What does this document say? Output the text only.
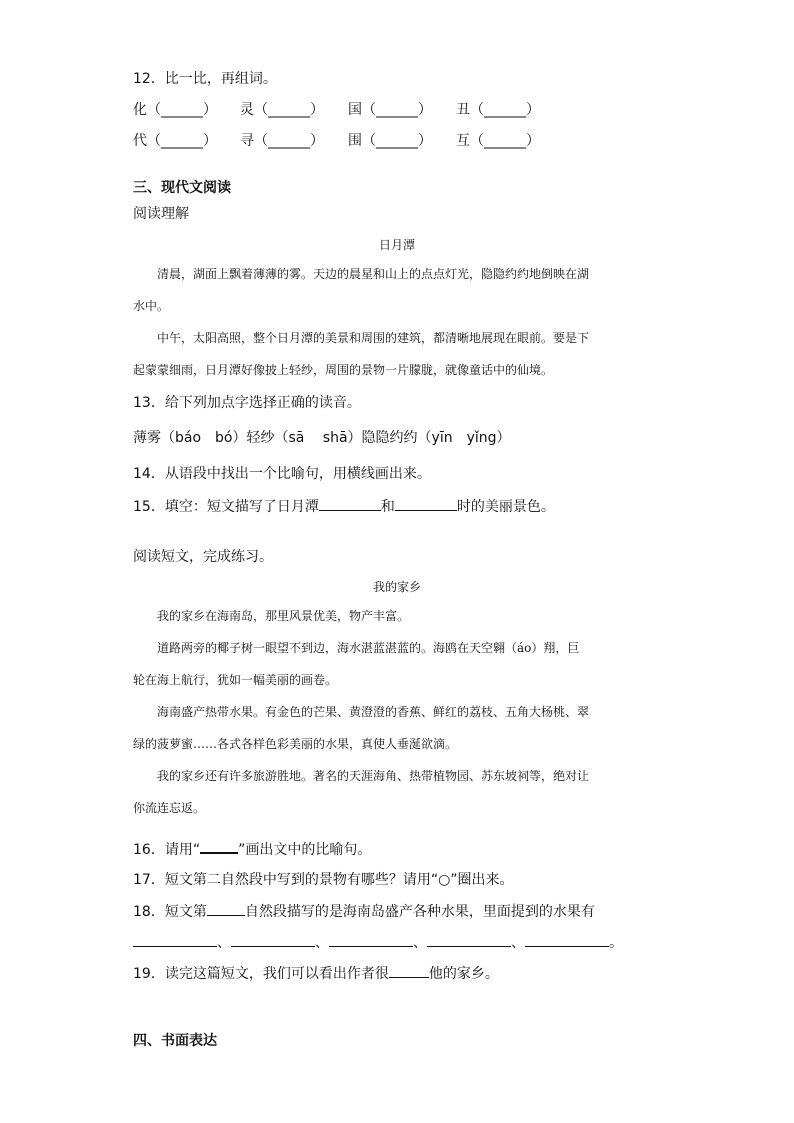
12．比一比，再组词。
化（______） 灵（______） 国（______） 丑（______）
代（______） 寻（______） 围（______） 互（______）
三、现代文阅读
阅读理解
日月潭
清晨，湖面上飘着薄薄的雾。天边的晨星和山上的点点灯光，隐隐约约地倒映在湖
水中。
中午，太阳高照，整个日月潭的美景和周围的建筑，都清晰地展现在眼前。要是下
起蒙蒙细雨，日月潭好像披上轻纱，周围的景物一片朦胧，就像童话中的仙境。
13．给下列加点字选择正确的读音。
薄雾（báo　bó）轻纱（sā　 shā）隐隐约约（yīn　yǐng）
14．从语段中找出一个比喻句，用横线画出来。
15．填空：短文描写了日月潭	和	时的美丽景色。
阅读短文，完成练习。
我的家乡
我的家乡在海南岛，那里风景优美，物产丰富。
道路两旁的椰子树一眼望不到边，海水湛蓝湛蓝的。海鸥在天空翱（áo）翔，巨
轮在海上航行，犹如一幅美丽的画卷。
海南盛产热带水果。有金色的芒果、黄澄澄的香蕉、鲜红的荔枝、五角大杨桃、翠
绿的菠萝蜜……各式各样色彩美丽的水果，真使人垂涎欲滴。
我的家乡还有许多旅游胜地。著名的天涯海角、热带植物园、苏东坡祠等，绝对让
你流连忘返。
16．请用“	”画出文中的比喻句。
17．短文第二自然段中写到的景物有哪些？请用“○”圈出来。
18．短文第	自然段描写的是海南岛盛产各种水果，里面提到的水果有
、	、	、	、	。
19．读完这篇短文，我们可以看出作者很	他的家乡。
四、书面表达
